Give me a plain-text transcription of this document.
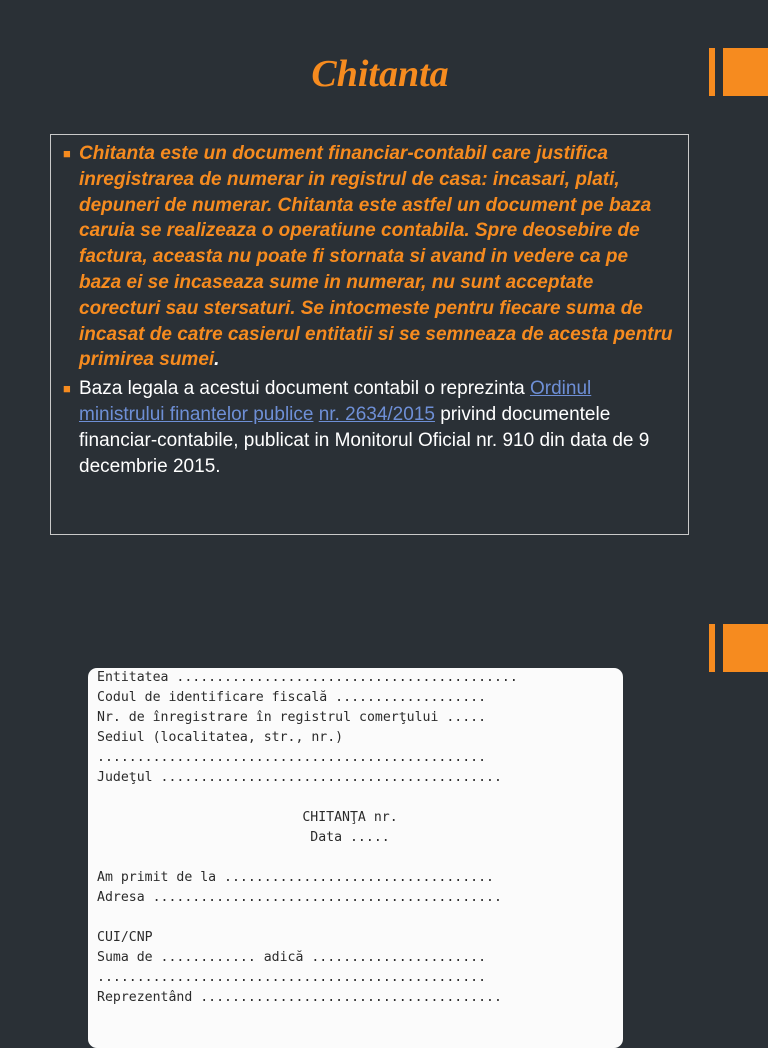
Chitanta
■ Chitanta este un document financiar-contabil care justifica inregistrarea de numerar in registrul de casa: incasari, plati, depuneri de numerar. Chitanta este astfel un document pe baza caruia se realizeaza o operatiune contabila. Spre deosebire de factura, aceasta nu poate fi stornata si avand in vedere ca pe baza ei se incaseaza sume in numerar, nu sunt acceptate corecturi sau stersaturi. Se intocmeste pentru fiecare suma de incasat de catre casierul entitatii si se semneaza de acesta pentru primirea sumei.
■ Baza legala a acestui document contabil o reprezinta Ordinul ministrului finantelor publice nr. 2634/2015 privind documentele financiar-contabile, publicat in Monitorul Oficial nr. 910 din data de 9 decembrie 2015.
Entitatea ...........................................
Codul de identificare fiscală ...................
Nr. de înregistrare în registrul comerţului .....
Sediul (localitatea, str., nr.)
.................................................
Judeţul ...........................................
CHITANŢA nr.
Data .....
Am primit de la ..................................
Adresa ............................................
CUI/CNP
Suma de ............ adică ......................
.................................................
Reprezentând ......................................
